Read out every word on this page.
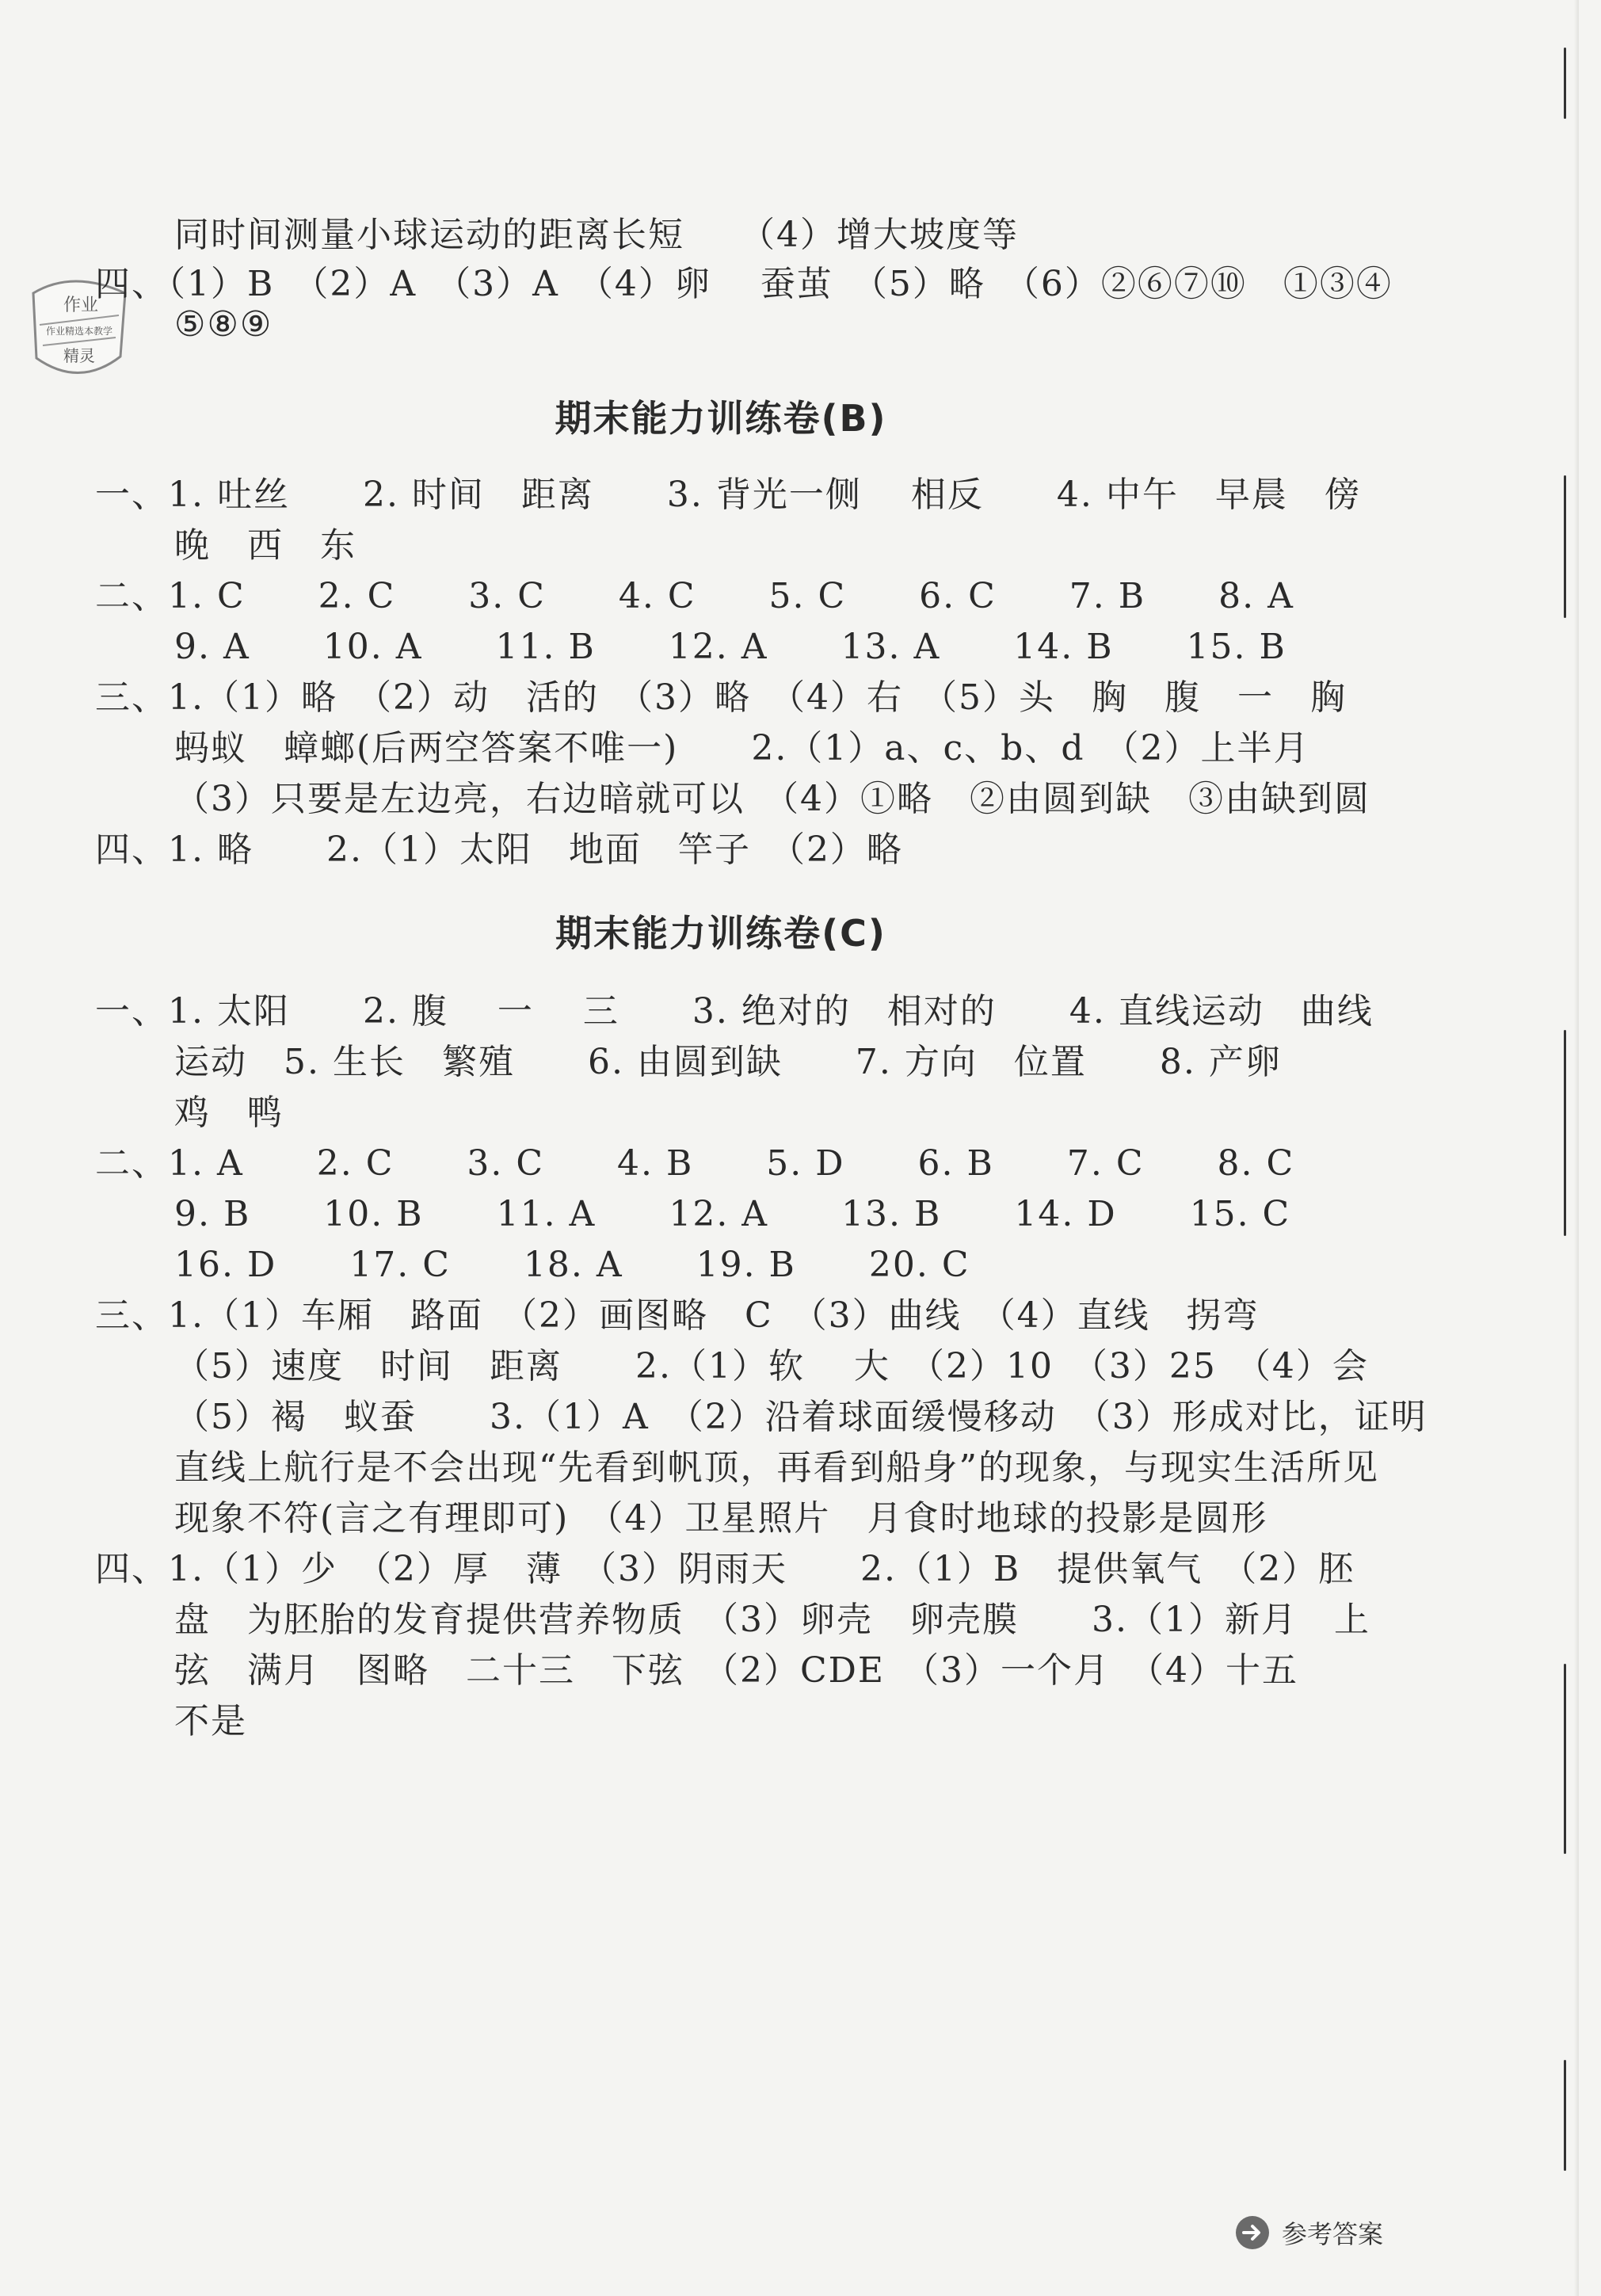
作业
作业精选本教学
精灵
同时间测量小球运动的距离长短　　（4）增大坡度等
四、（1）B　（2）A　（3）A　（4）卵　 蚕茧　（5）略　（6）②⑥⑦⑩　①③④
⑤⑧⑨
期末能力训练卷(B)
一、1. 吐丝　　2. 时间　距离　　3. 背光一侧　 相反　　4. 中午　早晨　傍
晚　西　东
二、1. C　　2. C　　3. C　　4. C　　5. C　　6. C　　7. B　　8. A
9. A　　10. A　　11. B　　12. A　　13. A　　14. B　　15. B
三、1.（1）略　（2）动　活的　（3）略　（4）右　（5）头　胸　腹　一　胸
蚂蚁　蟑螂(后两空答案不唯一)　　2.（1）a、c、b、d　（2）上半月
（3）只要是左边亮，右边暗就可以　（4）①略　②由圆到缺　③由缺到圆
四、1. 略　　2.（1）太阳　地面　竿子　（2）略
期末能力训练卷(C)
一、1. 太阳　　2. 腹　 一　 三　　3. 绝对的　相对的　　4. 直线运动　曲线
运动　5. 生长　繁殖　　6. 由圆到缺　　7. 方向　位置　　8. 产卵
鸡　鸭
二、1. A　　2. C　　3. C　　4. B　　5. D　　6. B　　7. C　　8. C
9. B　　10. B　　11. A　　12. A　　13. B　　14. D　　15. C
16. D　　17. C　　18. A　　19. B　　20. C
三、1.（1）车厢　路面　（2）画图略　C　（3）曲线　（4）直线　拐弯
（5）速度　时间　距离　　2.（1）软　 大　（2）10　（3）25　（4）会
（5）褐　蚁蚕　　3.（1）A　（2）沿着球面缓慢移动　（3）形成对比，证明
直线上航行是不会出现“先看到帆顶，再看到船身”的现象，与现实生活所见
现象不符(言之有理即可)　（4）卫星照片　月食时地球的投影是圆形
四、1.（1）少　（2）厚　薄　（3）阴雨天　　2.（1）B　提供氧气　（2）胚
盘　为胚胎的发育提供营养物质　（3）卵壳　卵壳膜　　3.（1）新月　上
弦　满月　图略　二十三　下弦　（2）CDE　（3）一个月　（4）十五
不是
参考答案
